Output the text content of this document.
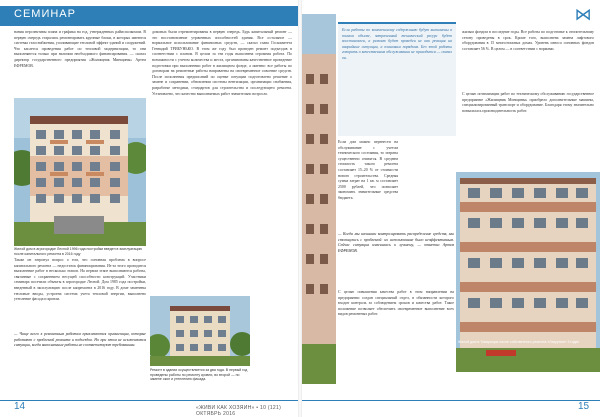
СЕМИНАР
нания перспективы плана и графика на год, утвержденных райисполкомом. В первую очередь старались ремонтировать крупные блоки, в которых имеются системы газоснабжения, усиливающие тепловой эффект зданий и сооружений. Что касается проведения работ по тепловой модернизации, то они выполняются только при наличии необходимого финансирования. — сказал директор государственного предприятия «Жилищник Минщины» Артем ЕФРЕМОВ.
Жилой дом в агрогородке Лесной 1996 года постройки введен в эксплуатацию после капитального ремонта в 2016 году
Также он затронул вопрос о том, что основная проблема в вопросе капитального ремонта — недостаток финансирования. Из-за этого проводится выполнение работ в несколько этапов. На первом этапе выполняются работы, связанные с сохранением несущей способности конструкций. Участники семинара посетили объекты в агрогородке Лесной. Дом 1985 года постройки, введенный в эксплуатацию после капремонта в 2016 году. В доме заменены тепловые вводы, устроена система учета тепловой энергии, выполнено утепление фасада и кровли.
— Чаще всего к ремонтным работам привлекаются организации, которые работают с проблемой ремонта и подъездов. Но при этом не исключаются ситуации, когда выполненные работы не соответствуют требованиям.
домовых были отремонтированы в первую очередь. Будь капитальный ремонт — это восстановление утраченных способностей здания. Все остальное — нормальное использование финансовых средств, — сказал глава Госкомитета Геннадий ТРИБУНЬКО. В этом же году был проведен ремонт подъездов в соответствии с планом. В целом за эти годы выполнена огромная работа. По возможности с учетом количества и места, организованы качественное проведение подготовки при выполнении работ в жилищном фонде, а именно: все работы по договорам на ремонтные работы направлены на своевременное освоение средств. После исполнения предписаний по оценке ситуации подготовлено решение о замене и сохранении, обновлении системы вентиляции, организации снабжения, разработке методики, стандартов для строительства и последующего ремонта. Установлено, что качество выполняемых работ значительно возросло.
Ремонт в здании осуществляется за два года. В первый год проведены работы по ремонту кровли, во второй — по замене окон и утеплению фасада.
14	«ЖИВИ КАК ХОЗЯИН» • 10 (121) ОКТЯБРЬ 2016
⋈
Если работы по комплексному содержанию будут выполнены в полном объеме, затраченный технический ресурс будет восстановлен, а ремонт будет проведен не как реакция на аварийные ситуации, а плановым порядком. Без этой работы говорить о качественном обслуживании не приходится — сказал он.
Жилой дом в Товарищах после собственного ремонта «Лазурное» 3 года»
Если дом можно перенести на обслуживание с учетом технического состояния, то затраты существенно снизятся. В среднем стоимость такого ремонта составляет 15–20 % от стоимости нового строительства. Средняя сумма затрат на 1 кв. м составляет 2500 рублей, что позволяет экономить значительные средства бюджета.
— Когда мы начинали контролировать распределение средств, мы столкнулись с проблемой: их использование было неэффективным. Сейчас ситуация изменилась к лучшему, — отметил Артем ЕФРЕМОВ.
С целью повышения качества работ в этом направлении на предприятии создан специальный отдел, в обязанности которого входит контроль за соблюдением сроков и качества работ. Такое положение позволяет обеспечить своевременное выполнение всех видов ремонтных работ.
жилым фондом в последние годы. Все работы по подготовке к отопительному сезону проведены в срок. Кроме того, выполнена замена лифтового оборудования в 15 многоэтажных домах. Уровень износа основных фондов составляет 56 %. В целом — в соответствии с нормами.
С целью оптимизации работ по техническому обслуживанию государственное предприятие «Жилищник Минщины» приобрело дополнительные машины, специализированный транспорт и оборудование. Благодаря этому значительно повысилась производительность работ.
15
